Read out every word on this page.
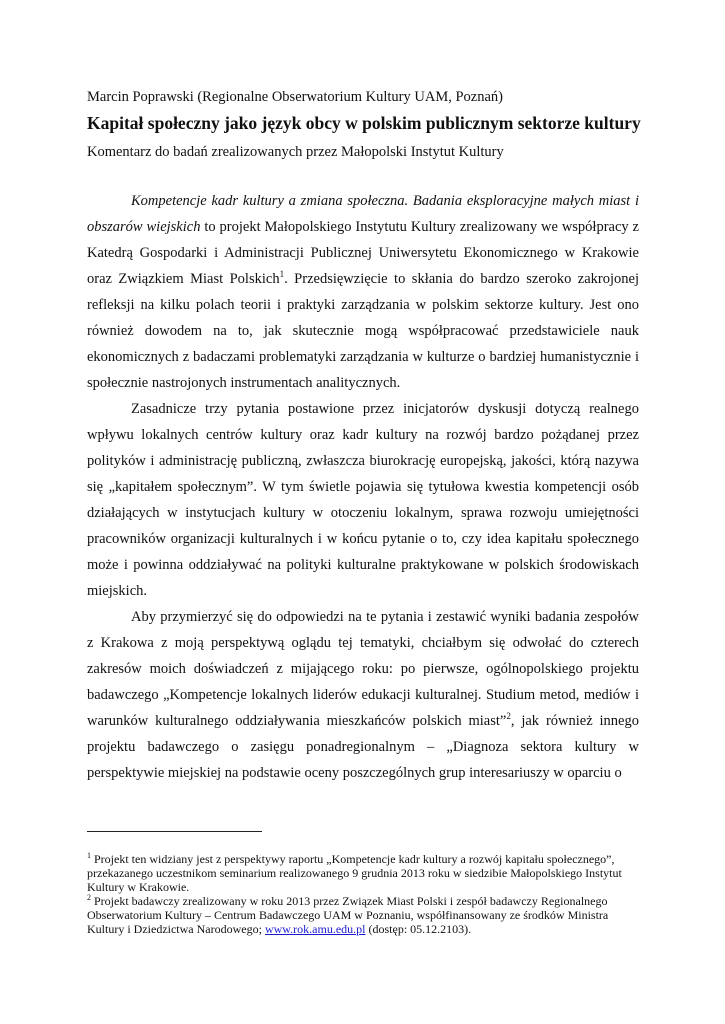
Marcin Poprawski (Regionalne Obserwatorium Kultury UAM, Poznań)
Kapitał społeczny jako język obcy w polskim publicznym sektorze kultury
Komentarz do badań zrealizowanych przez Małopolski Instytut Kultury

Kompetencje kadr kultury a zmiana społeczna. Badania eksploracyjne małych miast i obszarów wiejskich to projekt Małopolskiego Instytutu Kultury zrealizowany we współpracy z Katedrą Gospodarki i Administracji Publicznej Uniwersytetu Ekonomicznego w Krakowie oraz Związkiem Miast Polskich$^1$. Przedsięwzięcie to skłania do bardzo szeroko zakrojonej refleksji na kilku polach teorii i praktyki zarządzania w polskim sektorze kultury. Jest ono również dowodem na to, jak skutecznie mogą współpracować przedstawiciele nauk ekonomicznych z badaczami problematyki zarządzania w kulturze o bardziej humanistycznie i społecznie nastrojonych instrumentach analitycznych.

Zasadnicze trzy pytania postawione przez inicjatorów dyskusji dotyczą realnego wpływu lokalnych centrów kultury oraz kadr kultury na rozwój bardzo pożądanej przez polityków i administrację publiczną, zwłaszcza biurokrację europejską, jakości, którą nazywa się „kapitałem społecznym”. W tym świetle pojawia się tytułowa kwestia kompetencji osób działających w instytucjach kultury w otoczeniu lokalnym, sprawa rozwoju umiejętności pracowników organizacji kulturalnych i w końcu pytanie o to, czy idea kapitału społecznego może i powinna oddziaływać na polityki kulturalne praktykowane w polskich środowiskach miejskich.

Aby przymierzyć się do odpowiedzi na te pytania i zestawić wyniki badania zespołów z Krakowa z moją perspektywą oglądu tej tematyki, chciałbym się odwołać do czterech zakresów moich doświadczeń z mijającego roku: po pierwsze, ogólnopolskiego projektu badawczego „Kompetencje lokalnych liderów edukacji kulturalnej. Studium metod, mediów i warunków kulturalnego oddziaływania mieszkańców polskich miast”$^2$, jak również innego projektu badawczego o zasięgu ponadregionalnym – „Diagnoza sektora kultury w perspektywie miejskiej na podstawie oceny poszczególnych grup interesariuszy w oparciu o

$^1$ Projekt ten widziany jest z perspektywy raportu „Kompetencje kadr kultury a rozwój kapitału społecznego”, przekazanego uczestnikom seminarium realizowanego 9 grudnia 2013 roku w siedzibie Małopolskiego Instytut Kultury w Krakowie.

$^2$ Projekt badawczy zrealizowany w roku 2013 przez Związek Miast Polski i zespół badawczy Regionalnego Obserwatorium Kultury – Centrum Badawczego UAM w Poznaniu, współfinansowany ze środków Ministra Kultury i Dziedzictwa Narodowego; www.rok.amu.edu.pl (dostęp: 05.12.2103).
